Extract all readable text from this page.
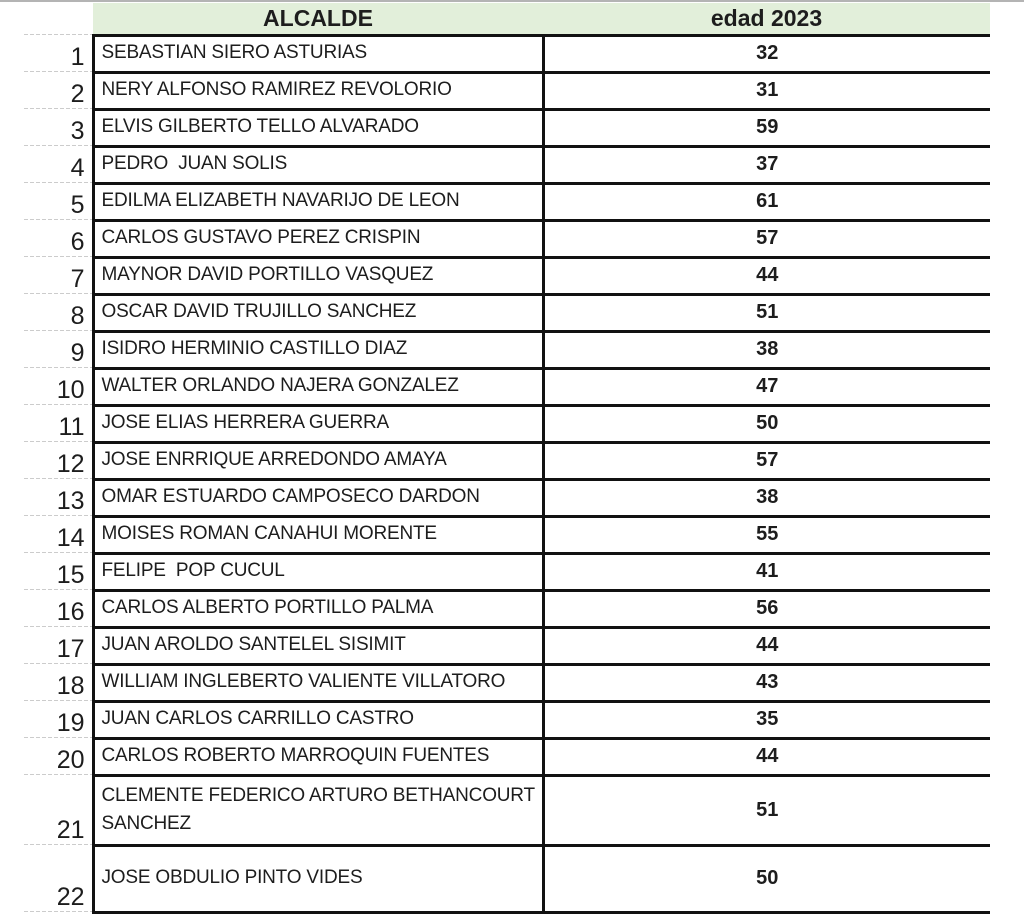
	ALCALDE	edad 2023
1	SEBASTIAN SIERO ASTURIAS	32
2	NERY ALFONSO RAMIREZ REVOLORIO	31
3	ELVIS GILBERTO TELLO ALVARADO	59
4	PEDRO  JUAN SOLIS	37
5	EDILMA ELIZABETH NAVARIJO DE LEON	61
6	CARLOS GUSTAVO PEREZ CRISPIN	57
7	MAYNOR DAVID PORTILLO VASQUEZ	44
8	OSCAR DAVID TRUJILLO SANCHEZ	51
9	ISIDRO HERMINIO CASTILLO DIAZ	38
10	WALTER ORLANDO NAJERA GONZALEZ	47
11	JOSE ELIAS HERRERA GUERRA	50
12	JOSE ENRRIQUE ARREDONDO AMAYA	57
13	OMAR ESTUARDO CAMPOSECO DARDON	38
14	MOISES ROMAN CANAHUI MORENTE	55
15	FELIPE  POP CUCUL	41
16	CARLOS ALBERTO PORTILLO PALMA	56
17	JUAN AROLDO SANTELEL SISIMIT	44
18	WILLIAM INGLEBERTO VALIENTE VILLATORO	43
19	JUAN CARLOS CARRILLO CASTRO	35
20	CARLOS ROBERTO MARROQUIN FUENTES	44
21	CLEMENTE FEDERICO ARTURO BETHANCOURT SANCHEZ	51
22	JOSE OBDULIO PINTO VIDES	50
